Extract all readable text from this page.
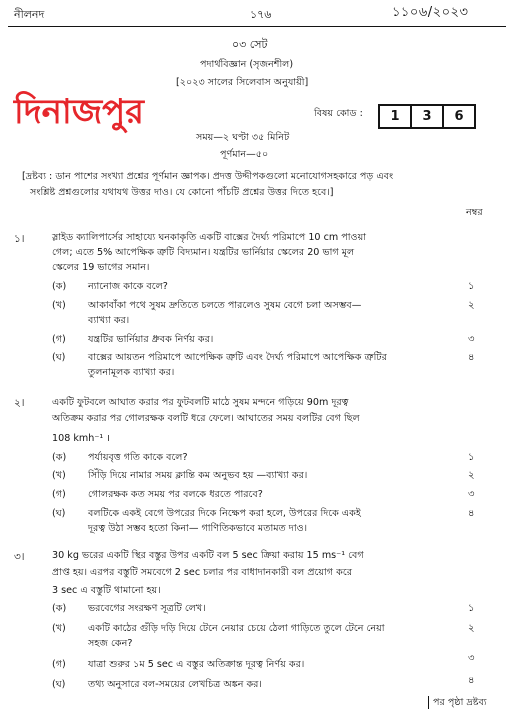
নীলনদ	১৭৬	১১০৬/২০২৩
০৩ সেট
পদার্থবিজ্ঞান (সৃজনশীল)
[২০২৩ সালের সিলেবাস অনুযায়ী]
দিনাজপুর	বিষয় কোড :	1	3	6
সময়—২ ঘণ্টা ৩৫ মিনিট
পূর্ণমান—৫০
[দ্রষ্টব্য : ডান পাশের সংখ্যা প্রশ্নের পূর্ণমান জ্ঞাপক। প্রদত্ত উদ্দীপকগুলো মনোযোগসহকারে পড় এবং
সংশ্লিষ্ট প্রশ্নগুলোর যথাযথ উত্তর দাও। যে কোনো পাঁচটি প্রশ্নের উত্তর দিতে হবে।]
নম্বর
১।	স্লাইড ক্যালিপার্সের সাহায্যে ঘনকাকৃতি একটি বাক্সের দৈর্ঘ্য পরিমাপে 10 cm পাওয়া
গেল; এতে 5% আপেক্ষিক ত্রুটি বিদ্যমান। যন্ত্রটির ভার্নিয়ার স্কেলের 20 ভাগ মূল
স্কেলের 19 ভাগের সমান।
(ক) ন্যানোজ কাকে বলে?	১
(খ) আকাবাঁকা পথে সুষম দ্রুতিতে চলতে পারলেও সুষম বেগে চলা অসম্ভব—
ব্যাখ্যা কর।
২
(গ) যন্ত্রটির ভার্নিয়ার ধ্রুবক নির্ণয় কর।	৩
(ঘ) বাক্সের আয়তন পরিমাপে আপেক্ষিক ত্রুটি এবং দৈর্ঘ্য পরিমাপে আপেক্ষিক ত্রুটির
তুলনামূলক ব্যাখ্যা কর।
৪
২।	একটি ফুটবলে আঘাত করার পর ফুটবলটি মাঠে সুষম মন্দনে গড়িয়ে 90m দূরত্ব
অতিক্রম করার পর গোলরক্ষক বলটি ধরে ফেলে। আঘাতের সময় বলটির বেগ ছিল
108 kmh⁻¹ ।
(ক) পর্যায়বৃত্ত গতি কাকে বলে?	১
(খ) সিঁড়ি দিয়ে নামার সময় ক্লান্তি কম অনুভব হয় —ব্যাখ্যা কর।	২
(গ) গোলরক্ষক কত সময় পর বলকে ধরতে পারবে?	৩
(ঘ) বলটিকে একই বেগে উপরের দিকে নিক্ষেপ করা হলে, উপরের দিকে একই
দূরত্ব উঠা সম্ভব হতো কিনা— গাণিতিকভাবে মতামত দাও।
৪
৩।	30 kg ভরের একটি স্থির বস্তুর উপর একটি বল 5 sec ক্রিয়া করায় 15 ms⁻¹ বেগ
প্রাপ্ত হয়। এরপর বস্তুটি সমবেগে 2 sec চলার পর বাধাদানকারী বল প্রয়োগ করে
3 sec এ বস্তুটি থামানো হয়।
(ক) ভরবেগের সংরক্ষণ সূত্রটি লেখ।	১
(খ) একটি কাঠের গুঁড়ি দড়ি দিয়ে টেনে নেয়ার চেয়ে ঠেলা গাড়িতে তুলে টেনে নেয়া
সহজ কেন?
২
(গ) যাত্রা শুরুর ১ম 5 sec এ বস্তুর অতিক্রান্ত দূরত্ব নির্ণয় কর।
৩
(ঘ) তথ্য অনুসারে বল-সময়ের লেখচিত্র অঙ্কন কর।	৪
পর পৃষ্ঠা দ্রষ্টব্য
